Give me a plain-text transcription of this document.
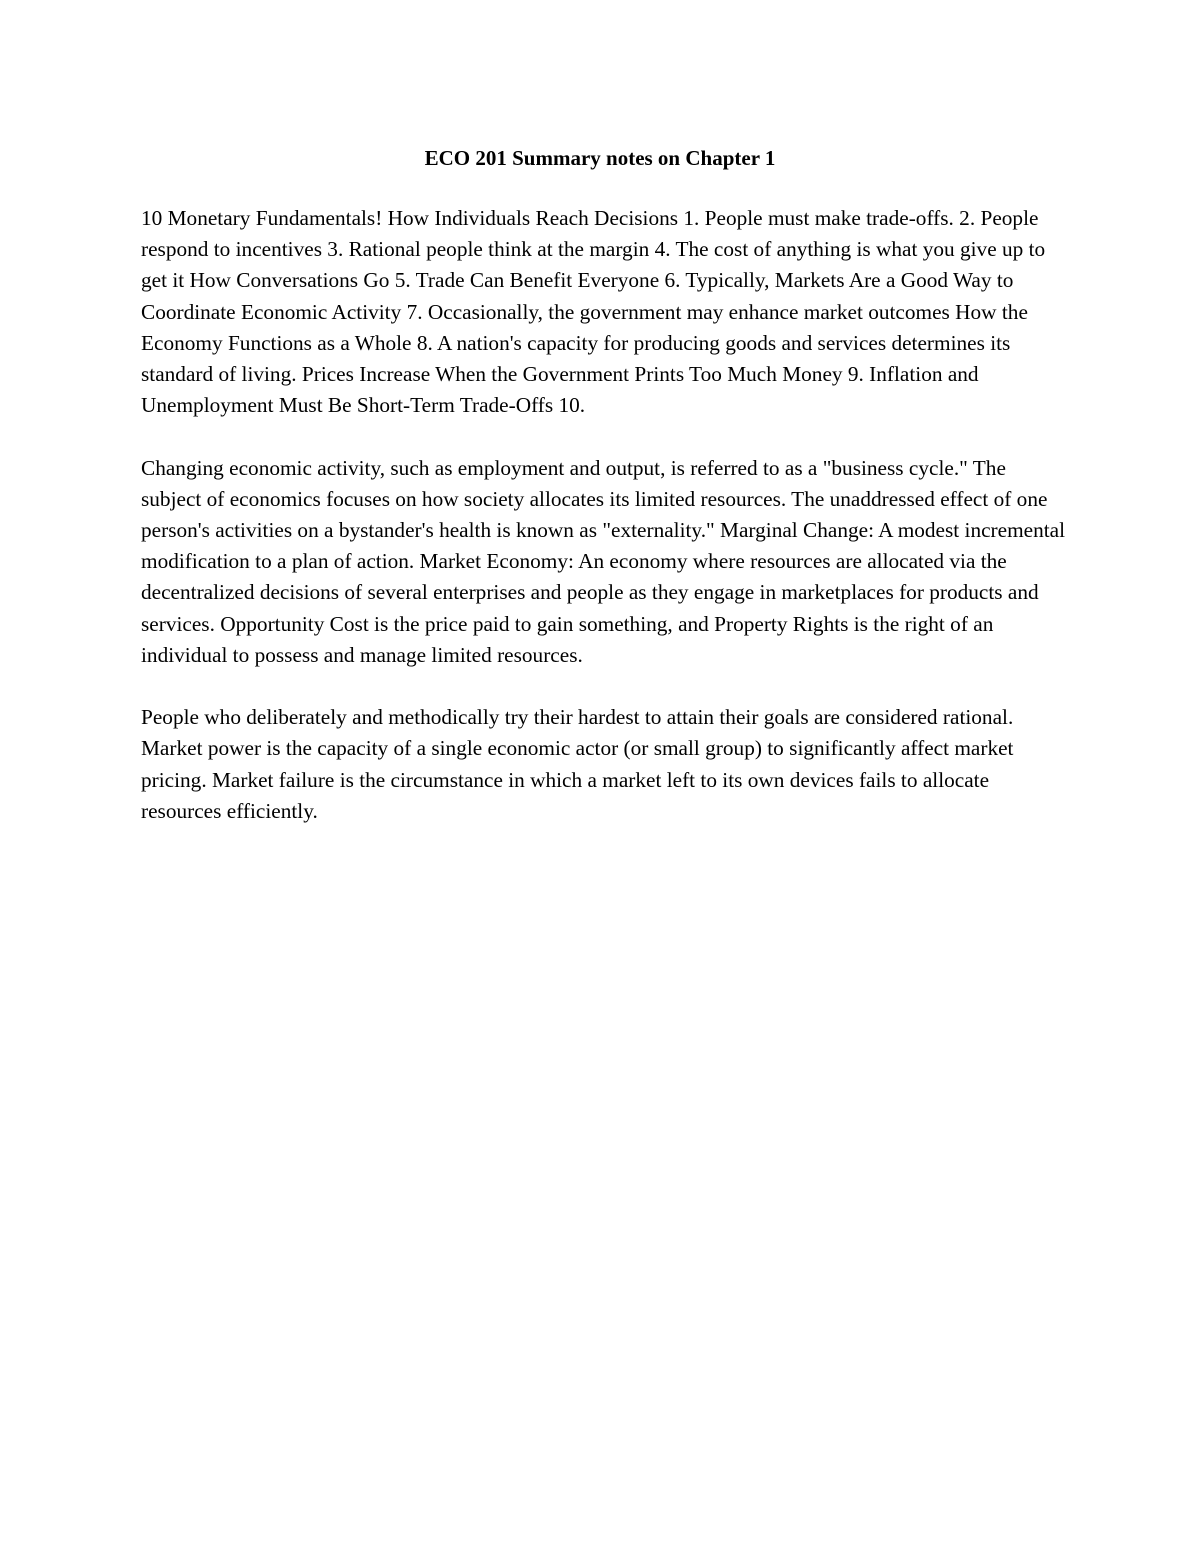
ECO 201 Summary notes on Chapter 1

10 Monetary Fundamentals! How Individuals Reach Decisions 1. People must make trade-offs. 2. People respond to incentives 3. Rational people think at the margin 4. The cost of anything is what you give up to get it How Conversations Go 5. Trade Can Benefit Everyone 6. Typically, Markets Are a Good Way to Coordinate Economic Activity 7. Occasionally, the government may enhance market outcomes How the Economy Functions as a Whole 8. A nation's capacity for producing goods and services determines its standard of living. Prices Increase When the Government Prints Too Much Money 9. Inflation and Unemployment Must Be Short-Term Trade-Offs 10.

Changing economic activity, such as employment and output, is referred to as a "business cycle." The subject of economics focuses on how society allocates its limited resources. The unaddressed effect of one person's activities on a bystander's health is known as "externality." Marginal Change: A modest incremental modification to a plan of action. Market Economy: An economy where resources are allocated via the decentralized decisions of several enterprises and people as they engage in marketplaces for products and services. Opportunity Cost is the price paid to gain something, and Property Rights is the right of an individual to possess and manage limited resources.

People who deliberately and methodically try their hardest to attain their goals are considered rational. Market power is the capacity of a single economic actor (or small group) to significantly affect market pricing. Market failure is the circumstance in which a market left to its own devices fails to allocate resources efficiently.
